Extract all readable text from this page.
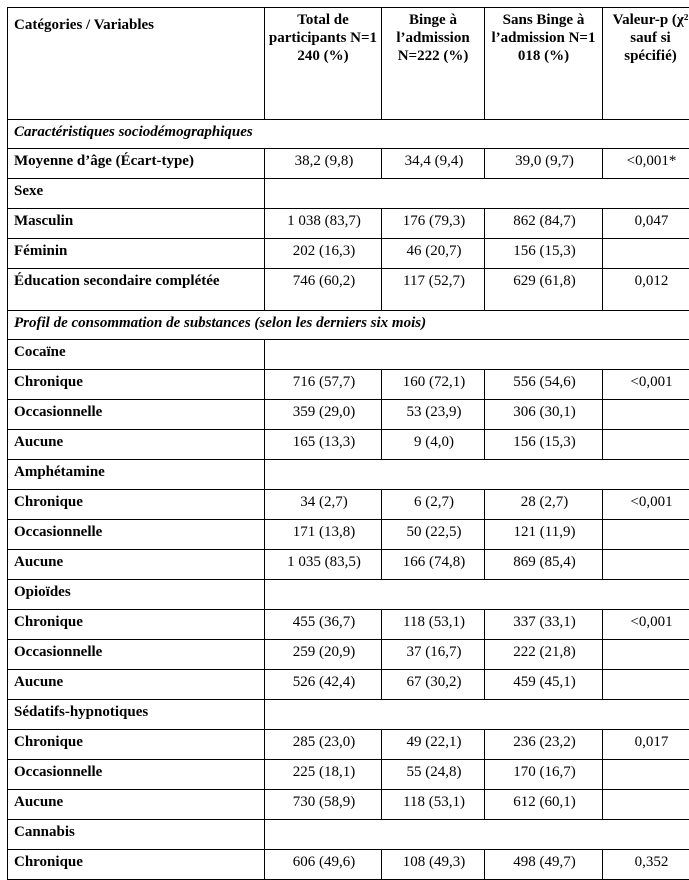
Catégories / Variables	Total de participants N=1 240 (%)	Binge à l’admission N=222 (%)	Sans Binge à l’admission N=1 018 (%)	Valeur-p (χ² sauf si spécifié)
Caractéristiques sociodémographiques				
Moyenne d’âge (Écart-type)	38,2 (9,8)	34,4 (9,4)	39,0 (9,7)	<0,001*
Sexe				
Masculin	1 038 (83,7)	176 (79,3)	862 (84,7)	0,047
Féminin	202 (16,3)	46 (20,7)	156 (15,3)	
Éducation secondaire complétée	746 (60,2)	117 (52,7)	629 (61,8)	0,012
Profil de consommation de substances (selon les derniers six mois)				
Cocaïne				
Chronique	716 (57,7)	160 (72,1)	556 (54,6)	<0,001
Occasionnelle	359 (29,0)	53 (23,9)	306 (30,1)	
Aucune	165 (13,3)	9 (4,0)	156 (15,3)	
Amphétamine				
Chronique	34 (2,7)	6 (2,7)	28 (2,7)	<0,001
Occasionnelle	171 (13,8)	50 (22,5)	121 (11,9)	
Aucune	1 035 (83,5)	166 (74,8)	869 (85,4)	
Opioïdes				
Chronique	455 (36,7)	118 (53,1)	337 (33,1)	<0,001
Occasionnelle	259 (20,9)	37 (16,7)	222 (21,8)	
Aucune	526 (42,4)	67 (30,2)	459 (45,1)	
Sédatifs-hypnotiques				
Chronique	285 (23,0)	49 (22,1)	236 (23,2)	0,017
Occasionnelle	225 (18,1)	55 (24,8)	170 (16,7)	
Aucune	730 (58,9)	118 (53,1)	612 (60,1)	
Cannabis				
Chronique	606 (49,6)	108 (49,3)	498 (49,7)	0,352
